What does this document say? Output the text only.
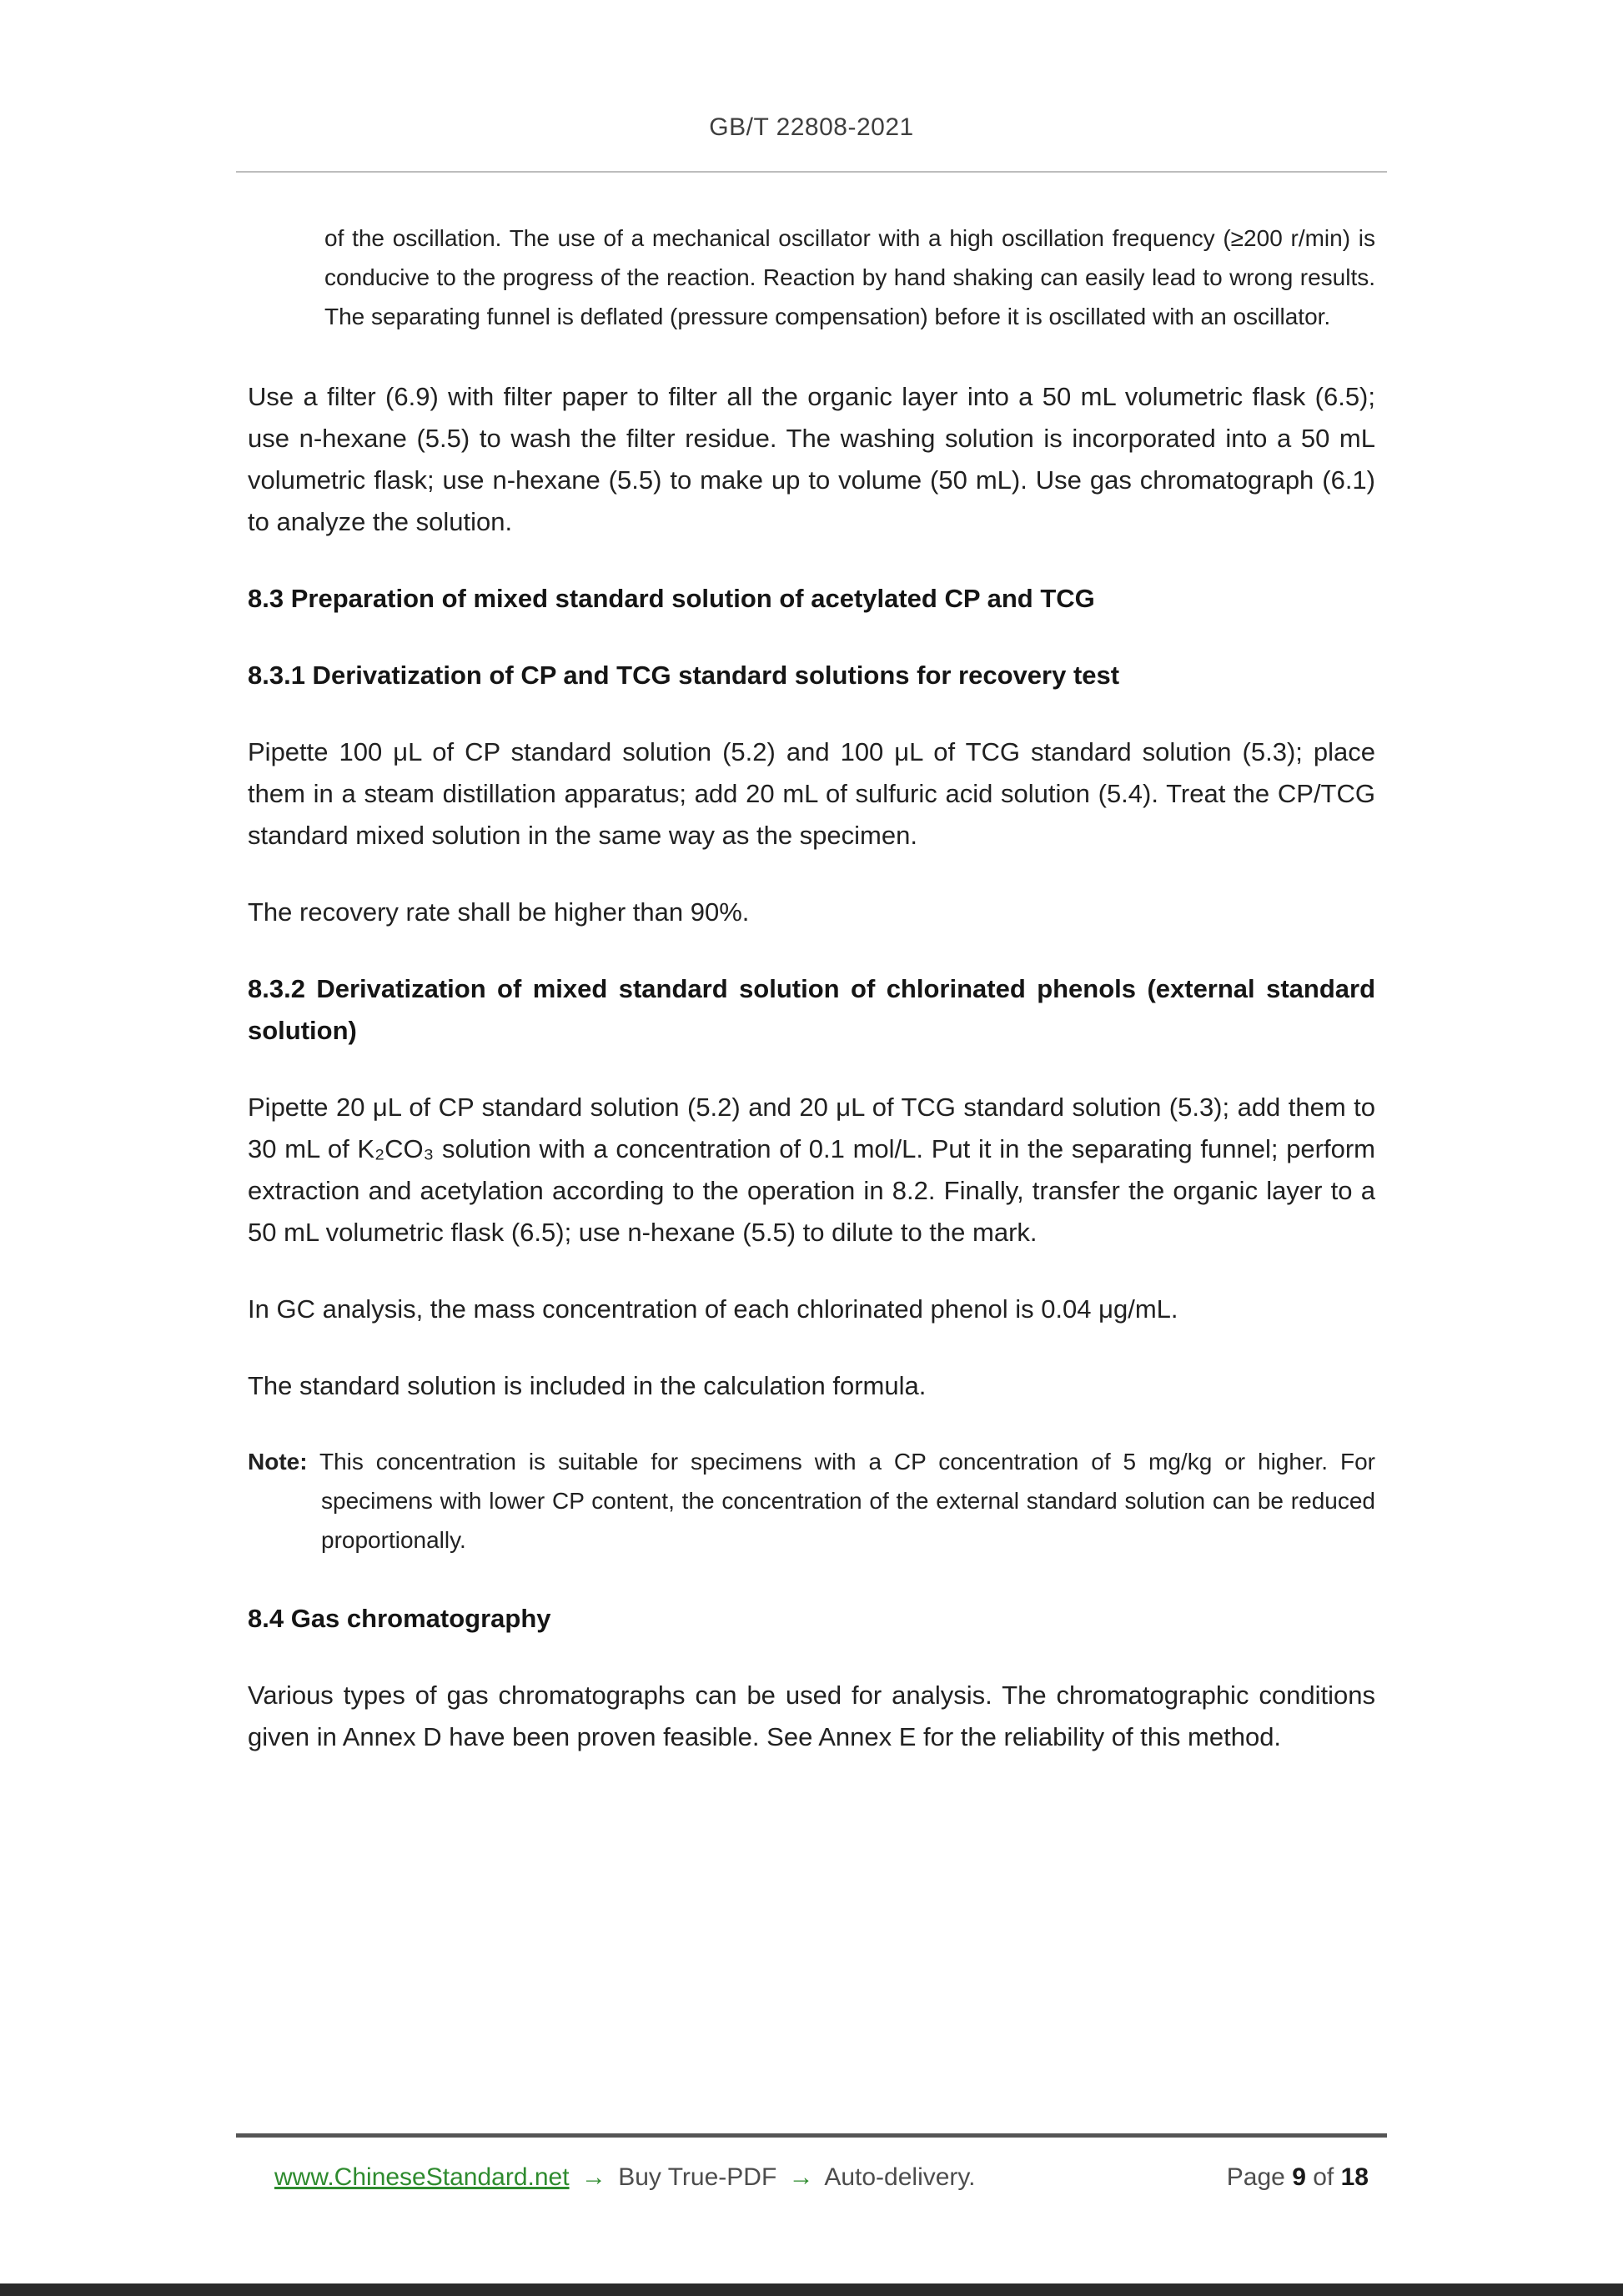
GB/T 22808-2021
of the oscillation. The use of a mechanical oscillator with a high oscillation frequency (≥200 r/min) is conducive to the progress of the reaction. Reaction by hand shaking can easily lead to wrong results. The separating funnel is deflated (pressure compensation) before it is oscillated with an oscillator.
Use a filter (6.9) with filter paper to filter all the organic layer into a 50 mL volumetric flask (6.5); use n-hexane (5.5) to wash the filter residue. The washing solution is incorporated into a 50 mL volumetric flask; use n-hexane (5.5) to make up to volume (50 mL). Use gas chromatograph (6.1) to analyze the solution.
8.3 Preparation of mixed standard solution of acetylated CP and TCG
8.3.1 Derivatization of CP and TCG standard solutions for recovery test
Pipette 100 μL of CP standard solution (5.2) and 100 μL of TCG standard solution (5.3); place them in a steam distillation apparatus; add 20 mL of sulfuric acid solution (5.4). Treat the CP/TCG standard mixed solution in the same way as the specimen.
The recovery rate shall be higher than 90%.
8.3.2 Derivatization of mixed standard solution of chlorinated phenols (external standard solution)
Pipette 20 μL of CP standard solution (5.2) and 20 μL of TCG standard solution (5.3); add them to 30 mL of K₂CO₃ solution with a concentration of 0.1 mol/L. Put it in the separating funnel; perform extraction and acetylation according to the operation in 8.2. Finally, transfer the organic layer to a 50 mL volumetric flask (6.5); use n-hexane (5.5) to dilute to the mark.
In GC analysis, the mass concentration of each chlorinated phenol is 0.04 μg/mL.
The standard solution is included in the calculation formula.
Note: This concentration is suitable for specimens with a CP concentration of 5 mg/kg or higher. For specimens with lower CP content, the concentration of the external standard solution can be reduced proportionally.
8.4 Gas chromatography
Various types of gas chromatographs can be used for analysis. The chromatographic conditions given in Annex D have been proven feasible. See Annex E for the reliability of this method.
www.ChineseStandard.net → Buy True-PDF → Auto-delivery.	Page 9 of 18
